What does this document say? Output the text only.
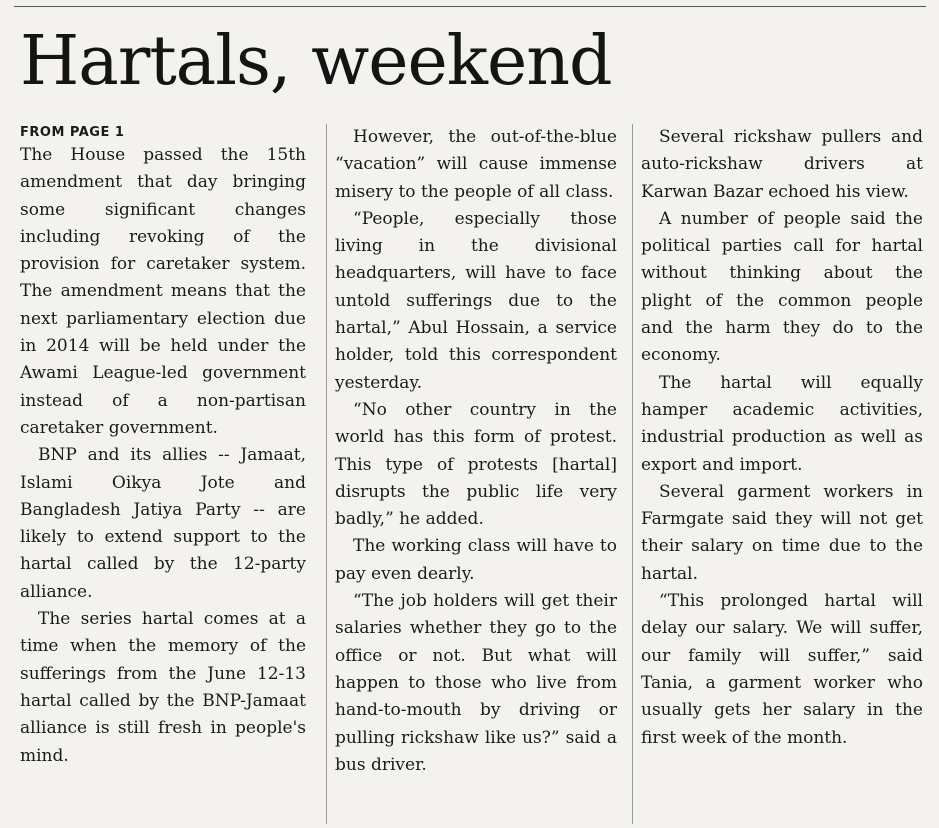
Hartals, weekend
FROM PAGE 1

The House passed the 15th amendment that day bringing some significant changes including revoking of the provision for caretaker system. The amendment means that the next parliamentary election due in 2014 will be held under the Awami League-led government instead of a non-partisan caretaker government.

BNP and its allies -- Jamaat, Islami Oikya Jote and Bangladesh Jatiya Party -- are likely to extend support to the hartal called by the 12-party alliance.

The series hartal comes at a time when the memory of the sufferings from the June 12-13 hartal called by the BNP-Jamaat alliance is still fresh in people's mind.

However, the out-of-the-blue “vacation” will cause immense misery to the people of all class.

“People, especially those living in the divisional headquarters, will have to face untold sufferings due to the hartal,” Abul Hossain, a service holder, told this correspondent yesterday.

“No other country in the world has this form of protest. This type of protests [hartal] disrupts the public life very badly,” he added.

The working class will have to pay even dearly.

“The job holders will get their salaries whether they go to the office or not. But what will happen to those who live from hand-to-mouth by driving or pulling rickshaw like us?” said a bus driver.

Several rickshaw pullers and auto-rickshaw drivers at Karwan Bazar echoed his view.

A number of people said the political parties call for hartal without thinking about the plight of the common people and the harm they do to the economy.

The hartal will equally hamper academic activities, industrial production as well as export and import.

Several garment workers in Farmgate said they will not get their salary on time due to the hartal.

“This prolonged hartal will delay our salary. We will suffer, our family will suffer,” said Tania, a garment worker who usually gets her salary in the first week of the month.
